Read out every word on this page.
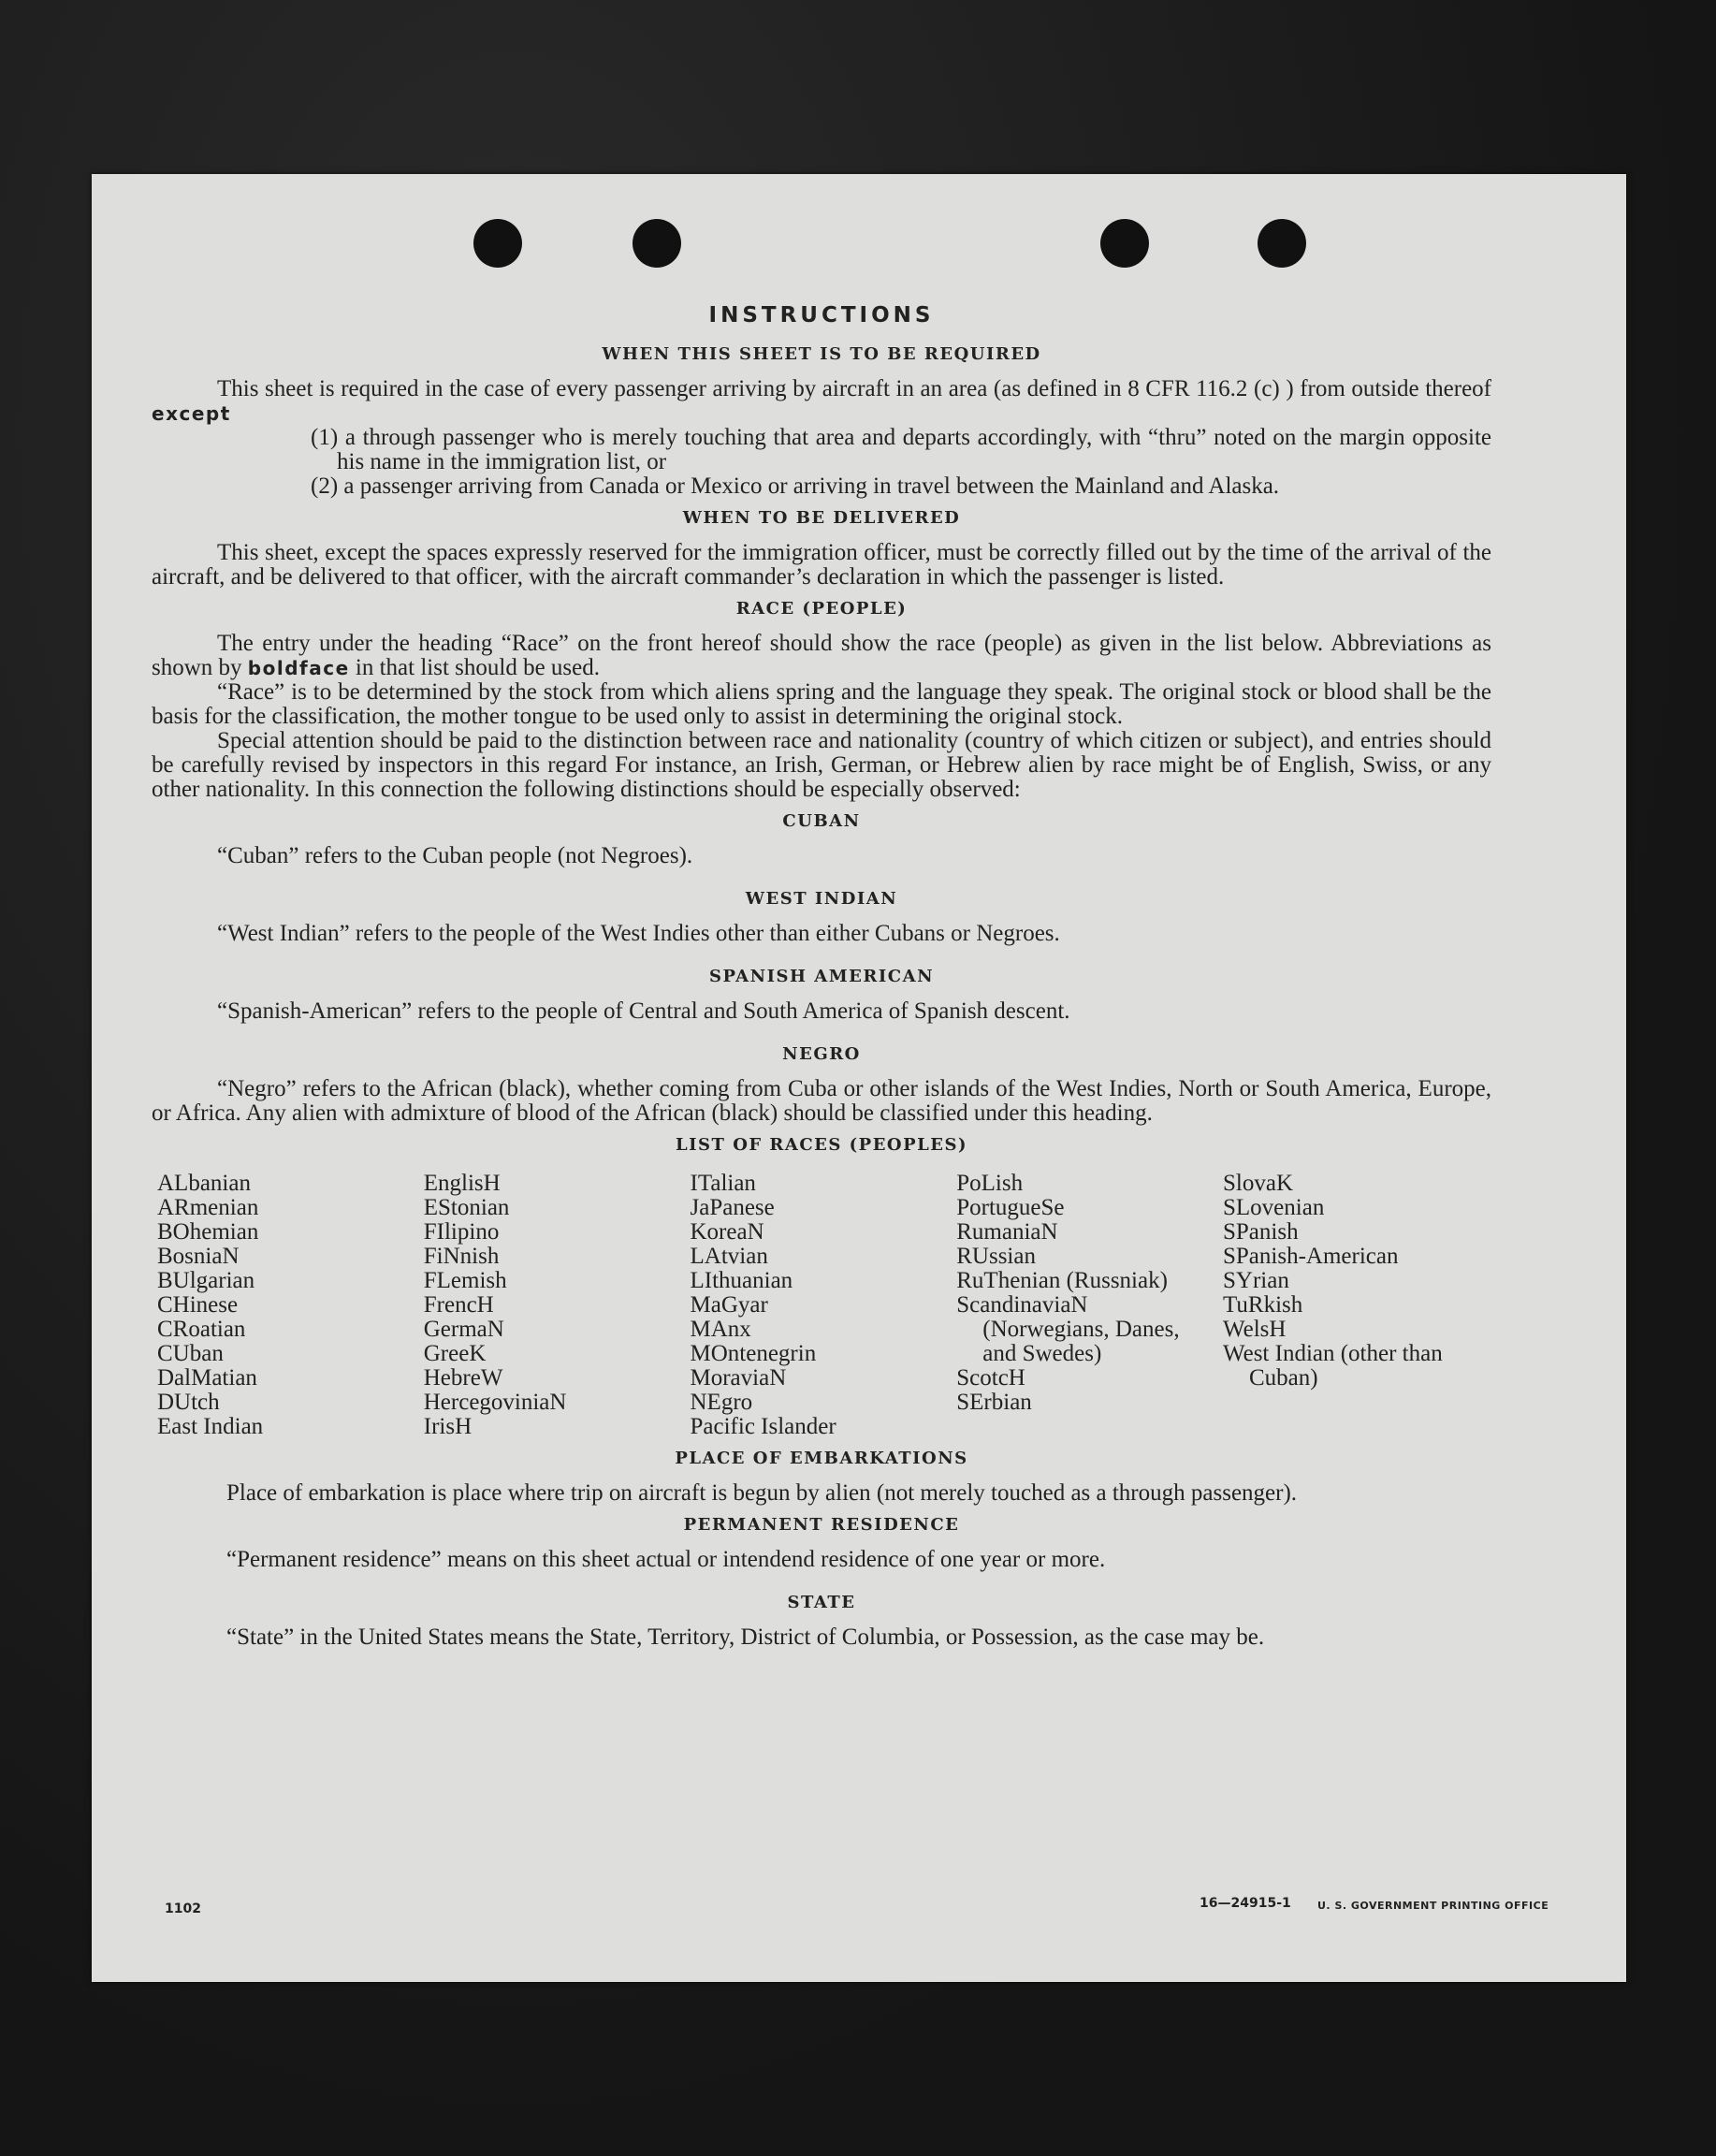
INSTRUCTIONS
WHEN THIS SHEET IS TO BE REQUIRED

This sheet is required in the case of every passenger arriving by aircraft in an area (as defined in 8 CFR 116.2 (c) ) from outside thereof except

(1) a through passenger who is merely touching that area and departs accordingly, with “thru” noted on the margin opposite his name in the immigration list, or
(2) a passenger arriving from Canada or Mexico or arriving in travel between the Mainland and Alaska.
WHEN TO BE DELIVERED

This sheet, except the spaces expressly reserved for the immigration officer, must be correctly filled out by the time of the arrival of the aircraft, and be delivered to that officer, with the aircraft commander’s declaration in which the passenger is listed.

RACE (PEOPLE)

The entry under the heading “Race” on the front hereof should show the race (people) as given in the list below. Abbreviations as shown by boldface in that list should be used.

“Race” is to be determined by the stock from which aliens spring and the language they speak. The original stock or blood shall be the basis for the classification, the mother tongue to be used only to assist in determining the original stock.

Special attention should be paid to the distinction between race and nationality (country of which citizen or subject), and entries should be carefully revised by inspectors in this regard For instance, an Irish, German, or Hebrew alien by race might be of English, Swiss, or any other nationality. In this connection the following distinctions should be especially observed:

CUBAN

“Cuban” refers to the Cuban people (not Negroes).

WEST INDIAN

“West Indian” refers to the people of the West Indies other than either Cubans or Negroes.

SPANISH AMERICAN

“Spanish-American” refers to the people of Central and South America of Spanish descent.

NEGRO

“Negro” refers to the African (black), whether coming from Cuba or other islands of the West Indies, North or South America, Europe, or Africa. Any alien with admixture of blood of the African (black) should be classified under this heading.

LIST OF RACES (PEOPLES)
ALbanian
ARmenian
BOhemian
BosniaN
BUlgarian
CHinese
CRoatian
CUban
DalMatian
DUtch
East Indian
EnglisH
EStonian
FIlipino
FiNnish
FLemish
FrencH
GermaN
GreeK
HebreW
HercegoviniaN
IrisH
ITalian
JaPanese
KoreaN
LAtvian
LIthuanian
MaGyar
MAnx
MOntenegrin
MoraviaN
NEgro
Pacific Islander
PoLish
PortugueSe
RumaniaN
RUssian
RuThenian (Russniak)
ScandinaviaN (Norwegians, Danes, and Swedes)
ScotcH
SErbian
SlovaK
SLovenian
SPanish
SPanish-American
SYrian
TuRkish
WelsH
West Indian (other than Cuban)
PLACE OF EMBARKATIONS

Place of embarkation is place where trip on aircraft is begun by alien (not merely touched as a through passenger).

PERMANENT RESIDENCE

“Permanent residence” means on this sheet actual or intendend residence of one year or more.

STATE

“State” in the United States means the State, Territory, District of Columbia, or Possession, as the case may be.

1102	16—24915-1	U. S. GOVERNMENT PRINTING OFFICE
